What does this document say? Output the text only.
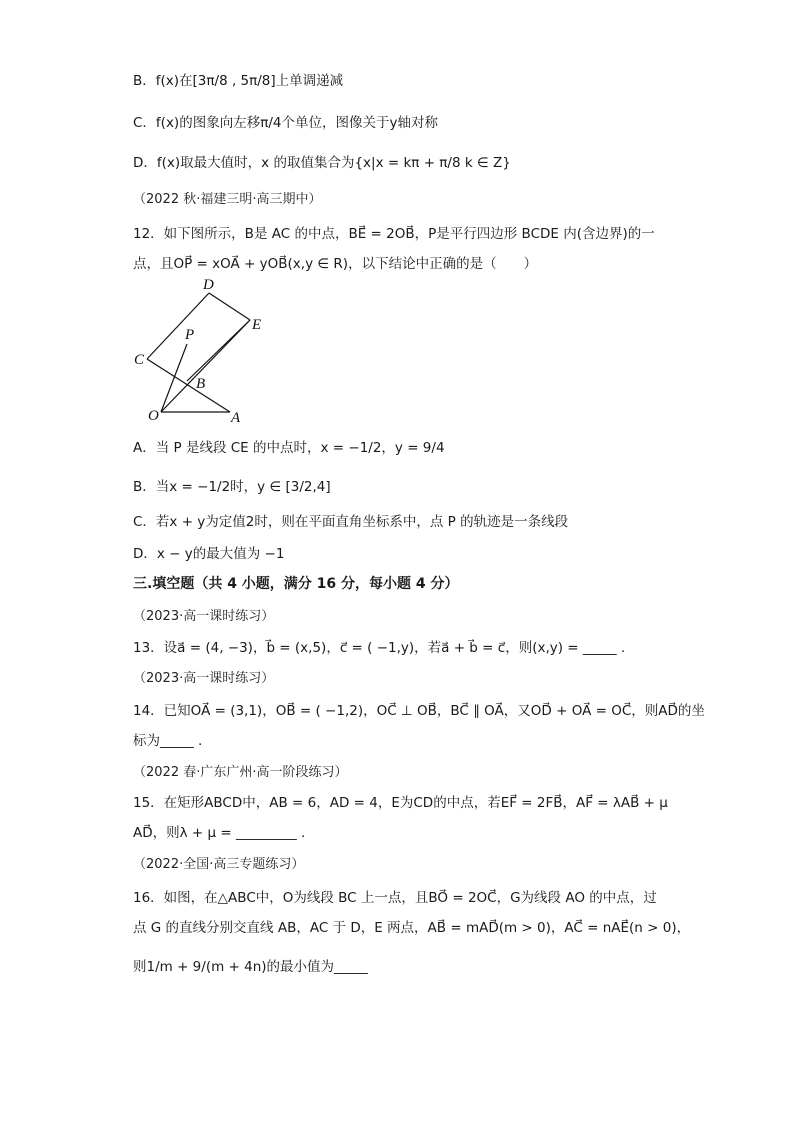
B．f(x)在[3π/8 , 5π/8]上单调递减
C．f(x)的图象向左移π/4个单位，图像关于y轴对称
D．f(x)取最大值时，x 的取值集合为{x|x = kπ + π/8 k ∈ Z}
（2022 秋·福建三明·高三期中）
12．如下图所示，B是 AC 的中点，BE⃗ = 2OB⃗，P是平行四边形 BCDE 内(含边界)的一
点，且OP⃗ = xOA⃗ + yOB⃗(x,y ∈ R)，以下结论中正确的是（　　）
D
E
P
C
B
O	A
A．当 P 是线段 CE 的中点时，x = −1/2，y = 9/4
B．当x = −1/2时，y ∈ [3/2,4]
C．若x + y为定值2时，则在平面直角坐标系中，点 P 的轨迹是一条线段
D．x − y的最大值为 −1
三.填空题（共 4 小题，满分 16 分，每小题 4 分）
（2023·高一课时练习）
13．设a⃗ = (4, −3)，b⃗ = (x,5)，c⃗ = ( −1,y)，若a⃗ + b⃗ = c⃗，则(x,y) = _____ .
（2023·高一课时练习）
14．已知OA⃗ = (3,1)，OB⃗ = ( −1,2)，OC⃗ ⊥ OB⃗，BC⃗ ∥ OA⃗，又OD⃗ + OA⃗ = OC⃗，则AD⃗的坐
标为_____ .
（2022 春·广东广州·高一阶段练习）
15．在矩形ABCD中，AB = 6，AD = 4，E为CD的中点，若EF⃗ = 2FB⃗，AF⃗ = λAB⃗ + μ
AD⃗，则λ + μ = _________ .
（2022·全国·高三专题练习）
16．如图，在△ABC中，O为线段 BC 上一点，且BO⃗ = 2OC⃗，G为线段 AO 的中点，过
点 G 的直线分别交直线 AB，AC 于 D，E 两点，AB⃗ = mAD⃗(m > 0)，AC⃗ = nAE⃗(n > 0)，
则1/m + 9/(m + 4n)的最小值为_____
